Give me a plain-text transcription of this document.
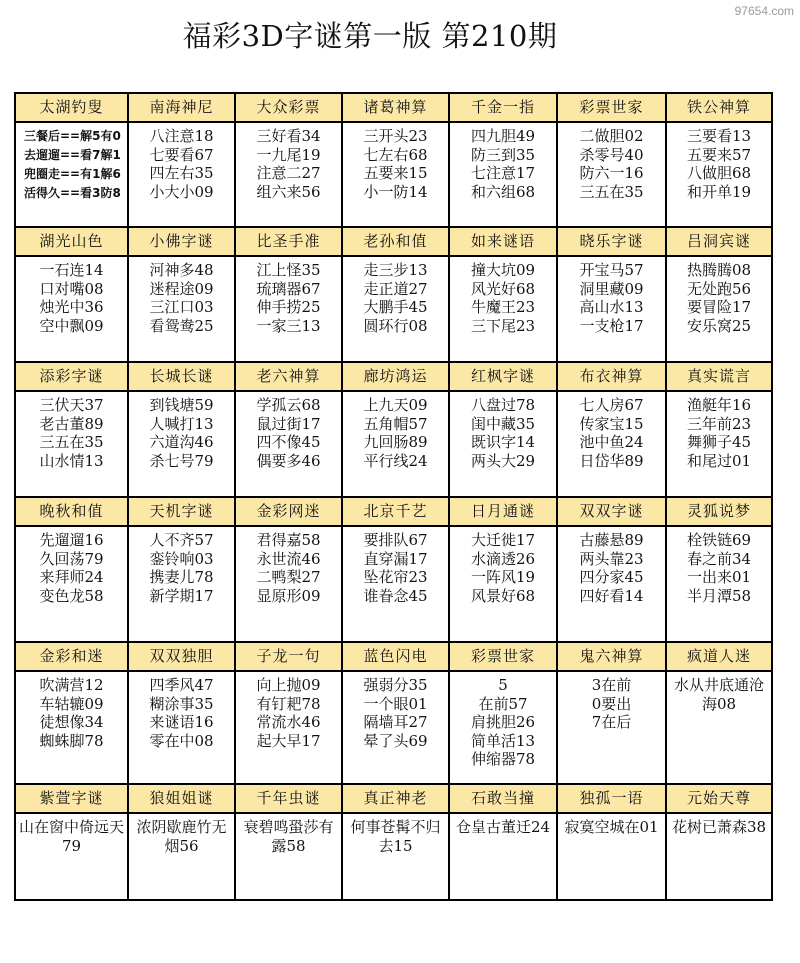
97654.com
福彩3D字谜第一版 第210期
太湖钓叟	南海神尼	大众彩票	诸葛神算	千金一指	彩票世家	铁公神算

三餐后==解5有0
去遛遛==看7解1
兜圈走==有1解6
活得久==看3防8	八注意18
七要看67
四左右35
小大小09	三好看34
一九尾19
注意二27
组六来56	三开头23
七左右68
五要来15
小一防14	四九胆49
防三到35
七注意17
和六组68	二做胆02
杀零号40
防六一16
三五在35	三要看13
五要来57
八做胆68
和开单19

湖光山色	小佛字谜	比圣手准	老孙和值	如来谜语	晓乐字谜	吕洞宾谜

一石连14
口对嘴08
烛光中36
空中飘09	河神多48
迷程途09
三江口03
看鸳鸯25	江上怪35
琉璃器67
伸手捞25
一家三13	走三步13
走正道27
大鹏手45
圆环行08	撞大坑09
风光好68
牛魔王23
三下尾23	开宝马57
洞里藏09
高山水13
一支枪17	热腾腾08
无处跑56
要冒险17
安乐窝25

添彩字谜	长城长谜	老六神算	廊坊鸿运	红枫字谜	布衣神算	真实谎言

三伏天37
老古董89
三五在35
山水情13	到钱塘59
人喊打13
六道沟46
杀七号79	学孤云68
鼠过街17
四不像45
偶要多46	上九天09
五角帽57
九回肠89
平行线24	八盘过78
闺中藏35
既识字14
两头大29	七人房67
传家宝15
池中鱼24
日岱华89	渔艇年16
三年前23
舞狮子45
和尾过01

晚秋和值	天机字谜	金彩网迷	北京千艺	日月通谜	双双字谜	灵狐说梦

先遛遛16
久回荡79
来拜师24
变色龙58	人不齐57
銮铃响03
携妻儿78
新学期17	君得嘉58
永世流46
二鸭梨27
显原形09	要排队67
直穿漏17
坠花帘23
谁眷念45	大迁徙17
水滴透26
一阵风19
风景好68	古藤悬89
两头靠23
四分家45
四好看14	栓铁链69
春之前34
一出来01
半月潭58

金彩和迷	双双独胆	子龙一句	蓝色闪电	彩票世家	鬼六神算	疯道人迷

吹满营12
车轱辘09
徒想像34
蜘蛛脚78	四季风47
糊涂事35
来谜语16
零在中08	向上抛09
有钉耙78
常流水46
起大早17	强弱分35
一个眼01
隔墙耳27
晕了头69	5
在前57
肩挑胆26
简单活13
伸缩器78	3在前
0要出
7在后	水从井底通沧海08

紫萱字谜	狼姐姐谜	千年虫谜	真正神老	石敢当撞	独孤一语	元始天尊

山在窗中倚远天79	浓阴歇鹿竹无烟56	衰碧鸣蛩莎有露58	何事苍髯不归去15	仓皇古董迁24	寂寞空城在01	花树已萧森38
